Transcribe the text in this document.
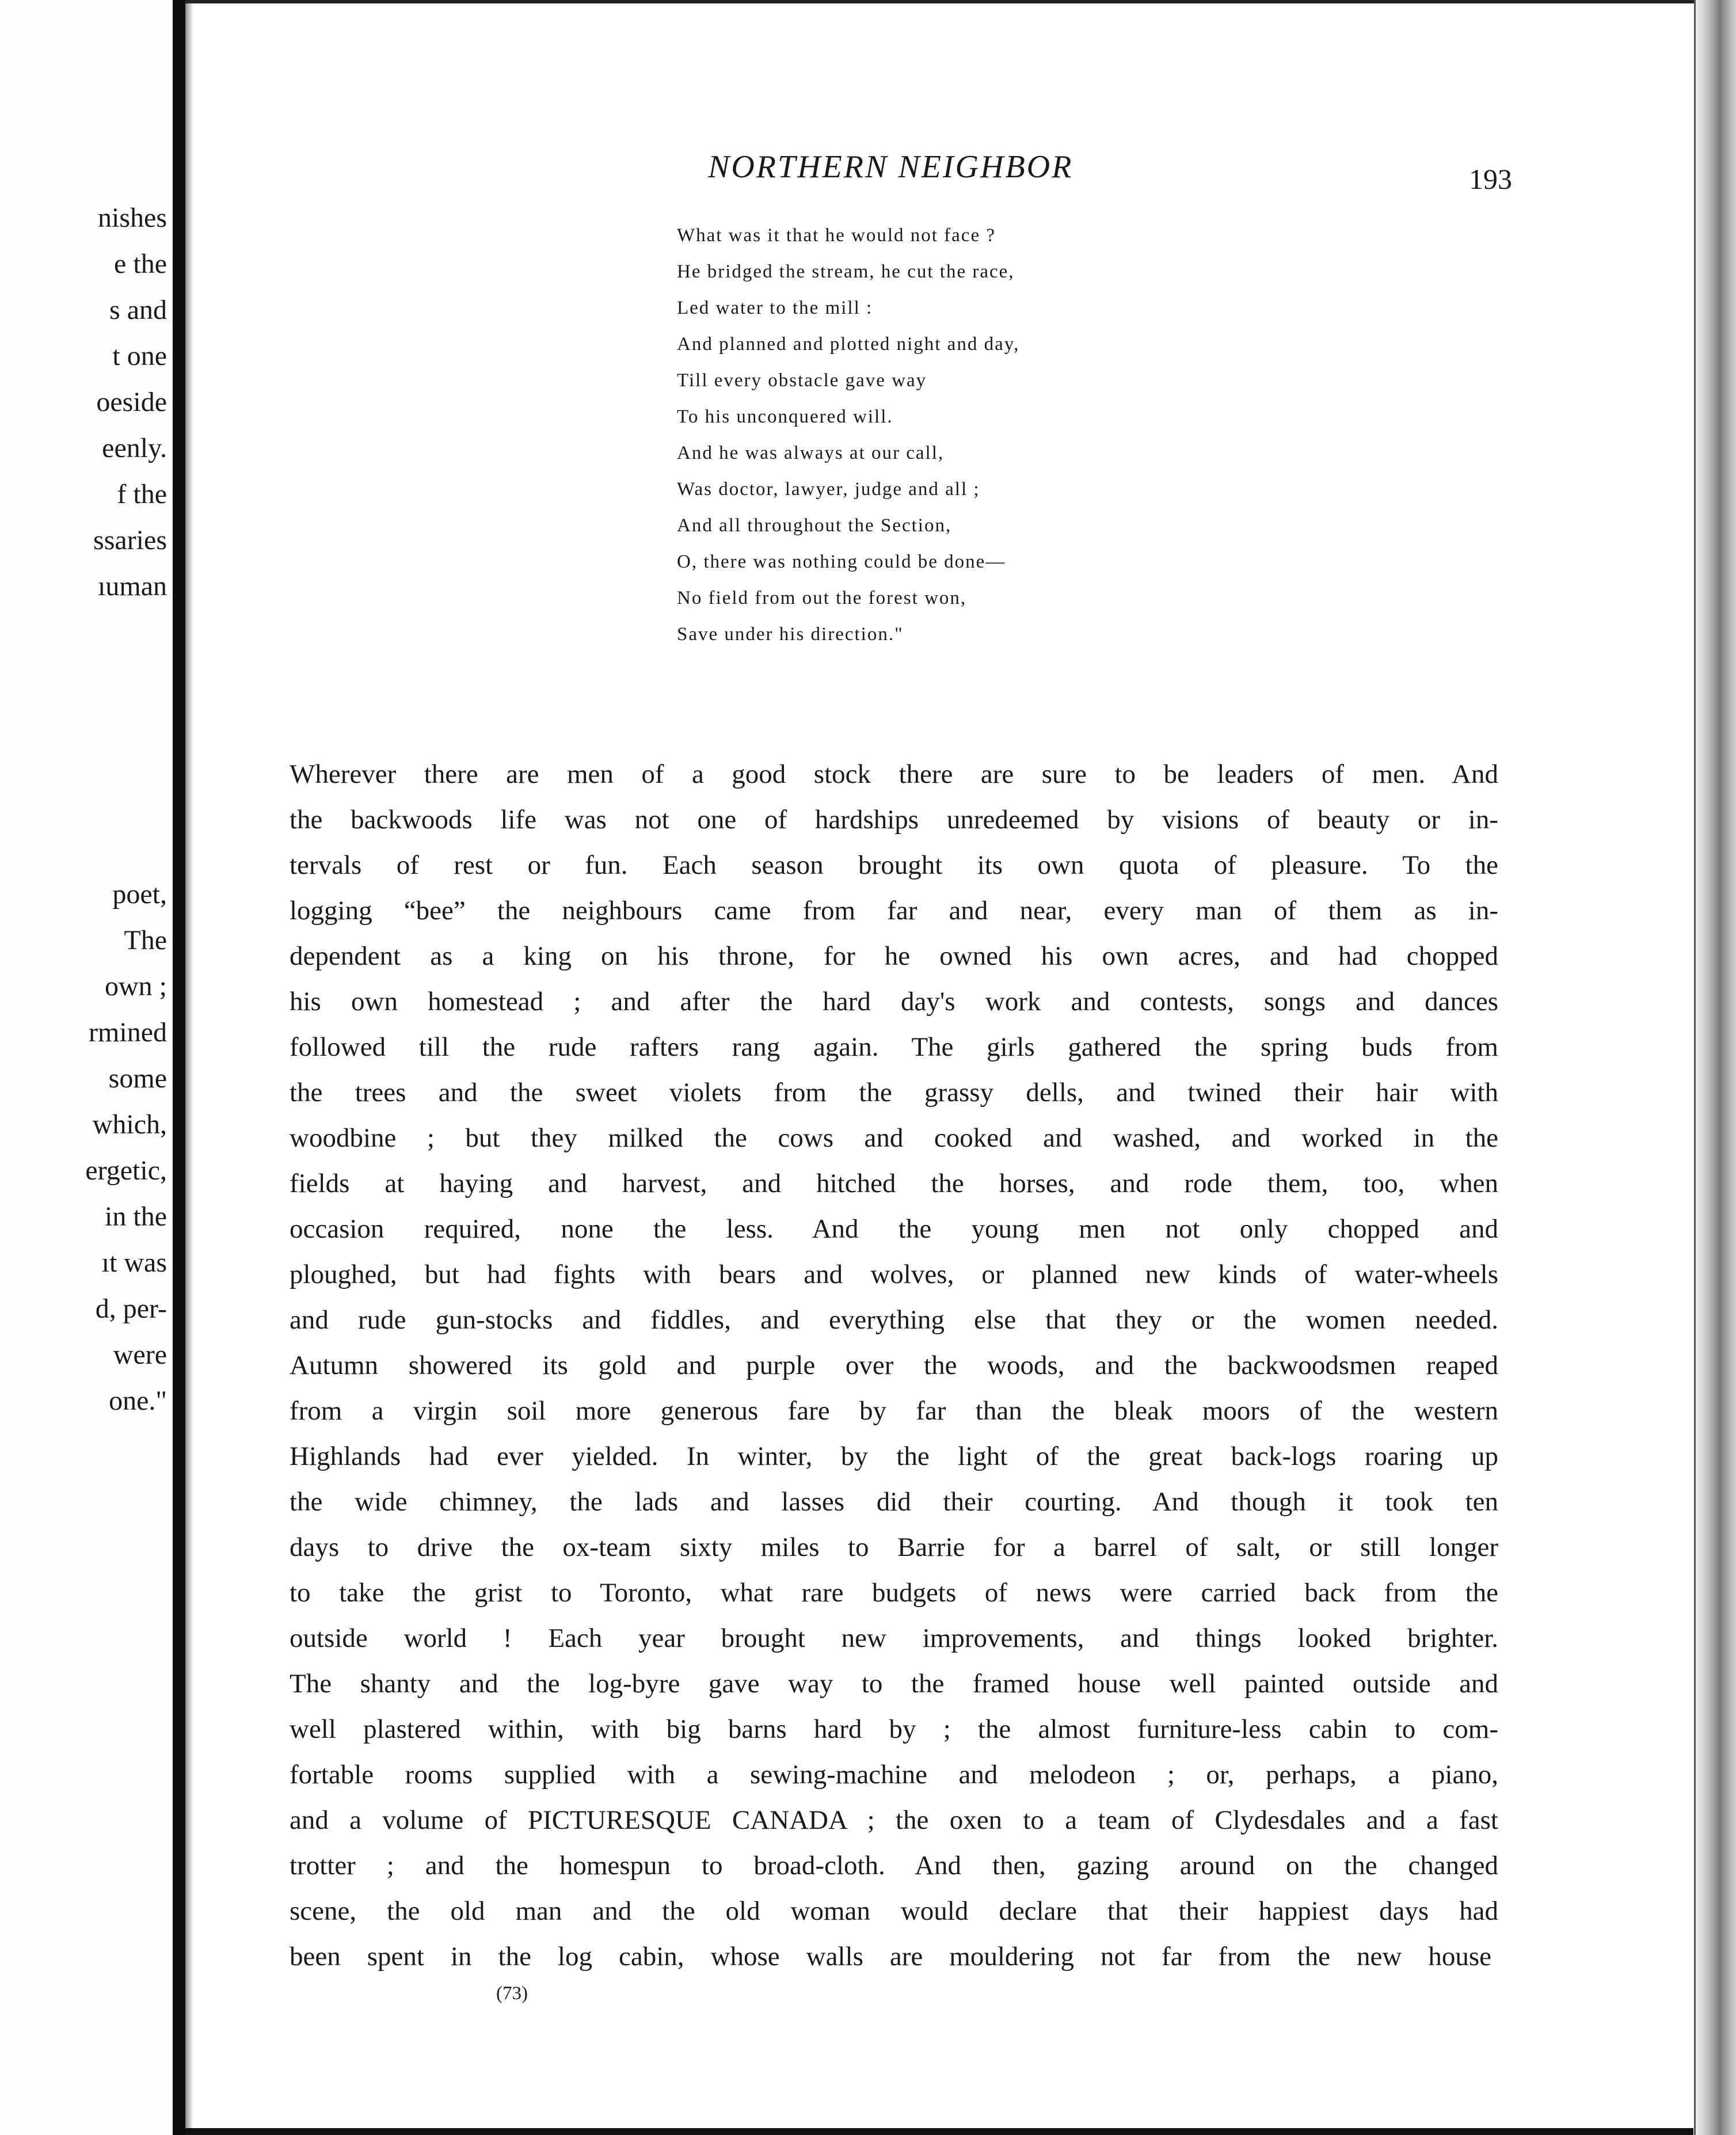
nishes
e the
s and
t one
oeside
eenly.
f the
ssaries
ıuman
poet,
The
own ;
rmined
some
which,
ergetic,
in the
ıt was
d, per-
were
one."
NORTHERN NEIGHBOR	193
What was it that he would not face ?
He bridged the stream, he cut the race,
Led water to the mill :
And planned and plotted night and day,
Till every obstacle gave way
To his unconquered will.
And he was always at our call,
Was doctor, lawyer, judge and all ;
And all throughout the Section,
O, there was nothing could be done—
No field from out the forest won,
Save under his direction."
Wherever there are men of a good stock there are sure to be leaders of men. And
the backwoods life was not one of hardships unredeemed by visions of beauty or in-
tervals of rest or fun. Each season brought its own quota of pleasure. To the
logging “bee” the neighbours came from far and near, every man of them as in-
dependent as a king on his throne, for he owned his own acres, and had chopped
his own homestead ; and after the hard day's work and contests, songs and dances
followed till the rude rafters rang again. The girls gathered the spring buds from
the trees and the sweet violets from the grassy dells, and twined their hair with
woodbine ; but they milked the cows and cooked and washed, and worked in the
fields at haying and harvest, and hitched the horses, and rode them, too, when
occasion required, none the less. And the young men not only chopped and
ploughed, but had fights with bears and wolves, or planned new kinds of water-wheels
and rude gun-stocks and fiddles, and everything else that they or the women needed.
Autumn showered its gold and purple over the woods, and the backwoodsmen reaped
from a virgin soil more generous fare by far than the bleak moors of the western
Highlands had ever yielded. In winter, by the light of the great back-logs roaring up
the wide chimney, the lads and lasses did their courting. And though it took ten
days to drive the ox-team sixty miles to Barrie for a barrel of salt, or still longer
to take the grist to Toronto, what rare budgets of news were carried back from the
outside world ! Each year brought new improvements, and things looked brighter.
The shanty and the log-byre gave way to the framed house well painted outside and
well plastered within, with big barns hard by ; the almost furniture-less cabin to com-
fortable rooms supplied with a sewing-machine and melodeon ; or, perhaps, a piano,
and a volume of PICTURESQUE CANADA ; the oxen to a team of Clydesdales and a fast
trotter ; and the homespun to broad-cloth. And then, gazing around on the changed
scene, the old man and the old woman would declare that their happiest days had
been spent in the log cabin, whose walls are mouldering not far from the new house
(73)
